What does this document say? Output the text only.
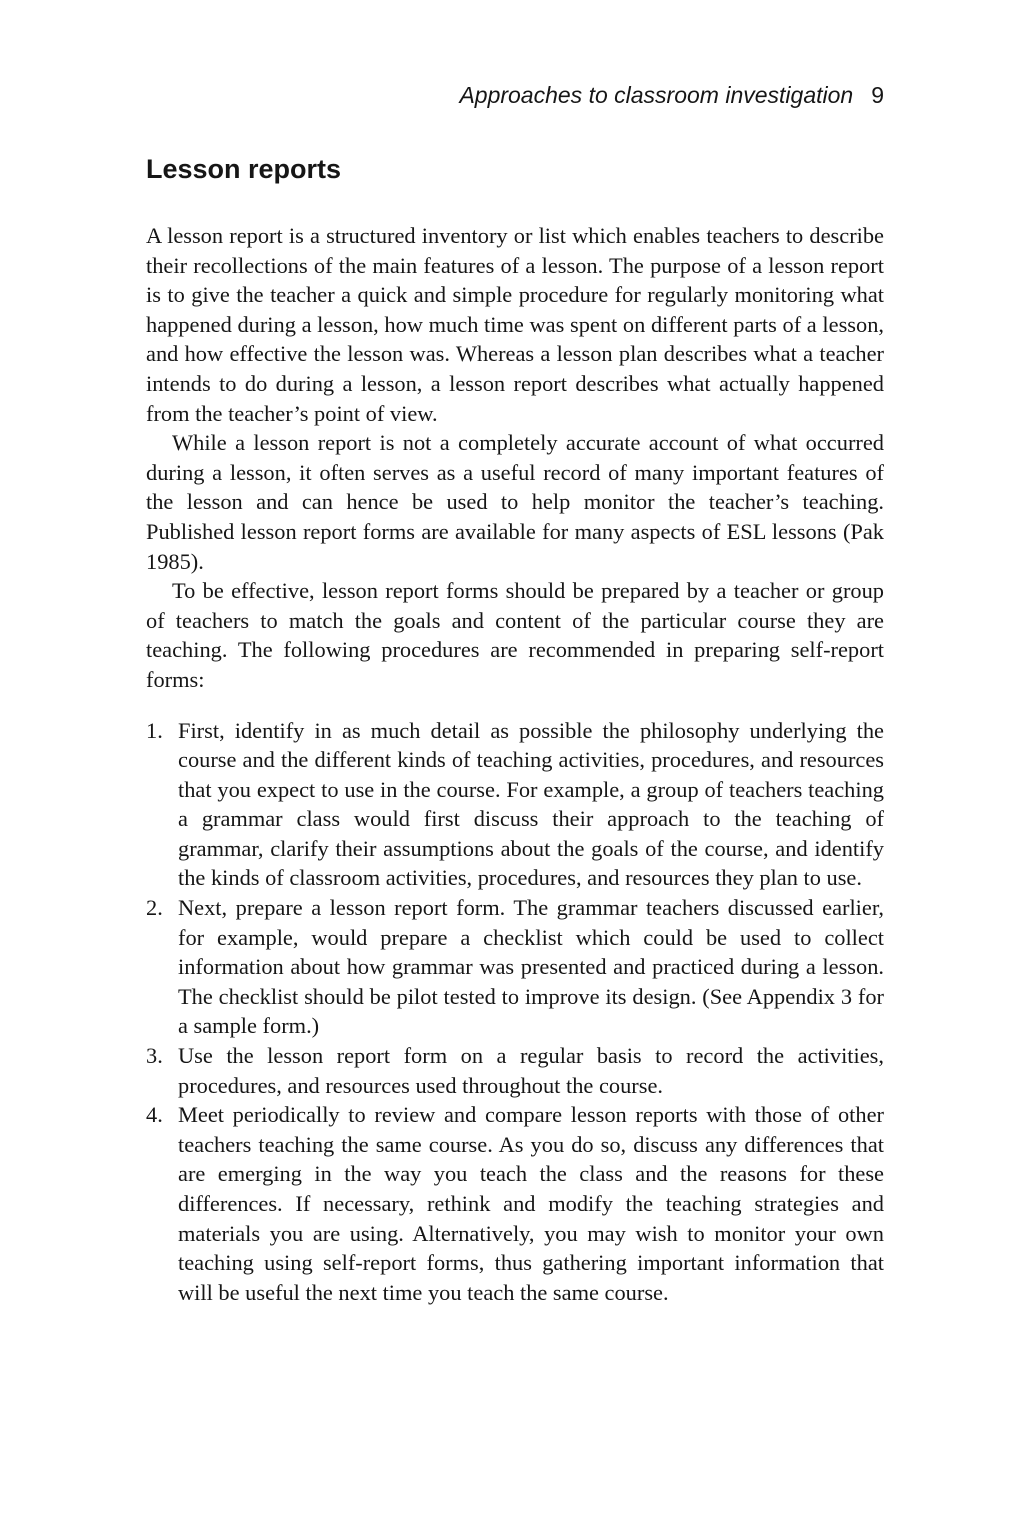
Approaches to classroom investigation 9
Lesson reports

A lesson report is a structured inventory or list which enables teachers to describe their recollections of the main features of a lesson. The purpose of a lesson report is to give the teacher a quick and simple procedure for regularly monitoring what happened during a lesson, how much time was spent on different parts of a lesson, and how effective the lesson was. Whereas a lesson plan describes what a teacher intends to do during a lesson, a lesson report describes what actually happened from the teacher’s point of view.

While a lesson report is not a completely accurate account of what occurred during a lesson, it often serves as a useful record of many important features of the lesson and can hence be used to help monitor the teacher’s teaching. Published lesson report forms are available for many aspects of ESL lessons (Pak 1985).

To be effective, lesson report forms should be prepared by a teacher or group of teachers to match the goals and content of the particular course they are teaching. The following procedures are recommended in preparing self-report forms:

1. First, identify in as much detail as possible the philosophy underlying the course and the different kinds of teaching activities, procedures, and resources that you expect to use in the course. For example, a group of teachers teaching a grammar class would first discuss their approach to the teaching of grammar, clarify their assumptions about the goals of the course, and identify the kinds of classroom activities, procedures, and resources they plan to use.
2. Next, prepare a lesson report form. The grammar teachers discussed earlier, for example, would prepare a checklist which could be used to collect information about how grammar was presented and practiced during a lesson. The checklist should be pilot tested to improve its design. (See Appendix 3 for a sample form.)
3. Use the lesson report form on a regular basis to record the activities, procedures, and resources used throughout the course.
4. Meet periodically to review and compare lesson reports with those of other teachers teaching the same course. As you do so, discuss any differences that are emerging in the way you teach the class and the reasons for these differences. If necessary, rethink and modify the teaching strategies and materials you are using. Alternatively, you may wish to monitor your own teaching using self-report forms, thus gathering important information that will be useful the next time you teach the same course.
